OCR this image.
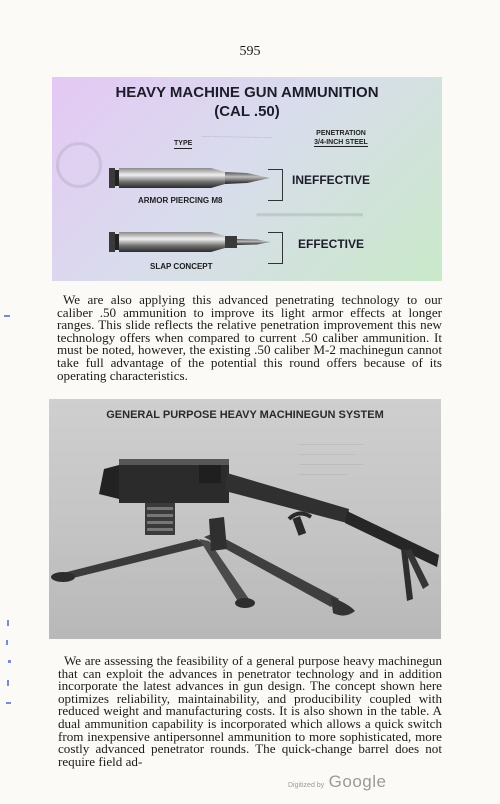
595
───────
▁▁▁▁▁▁▁▁
HEAVY MACHINE GUN AMMUNITION
(CAL .50)
TYPE
PENETRATION
3/4-INCH STEEL
ARMOR PIERCING M8
INEFFECTIVE
SLAP CONCEPT
EFFECTIVE

We are also applying this advanced penetrating technology to our caliber .50 ammunition to improve its light armor effects at longer ranges. This slide reflects the relative penetration improvement this new technology offers when compared to current .50 caliber ammunition. It must be noted, however, the existing .50 caliber M-2 machinegun cannot take full advantage of the potential this round offers because of its operating characteristics.

GENERAL PURPOSE HEAVY MACHINEGUN SYSTEM
————————
———————
————————
——————

We are assessing the feasibility of a general purpose heavy machinegun that can exploit the advances in penetrator technology and in addition incorporate the latest advances in gun design. The concept shown here optimizes reliability, maintainability, and producibility coupled with reduced weight and manufacturing costs. It is also shown in the table. A dual ammunition capability is incorporated which allows a quick switch from inexpensive antipersonnel ammunition to more sophisticated, more costly advanced penetrator rounds. The quick-change barrel does not require field ad-

Digitized by Google
